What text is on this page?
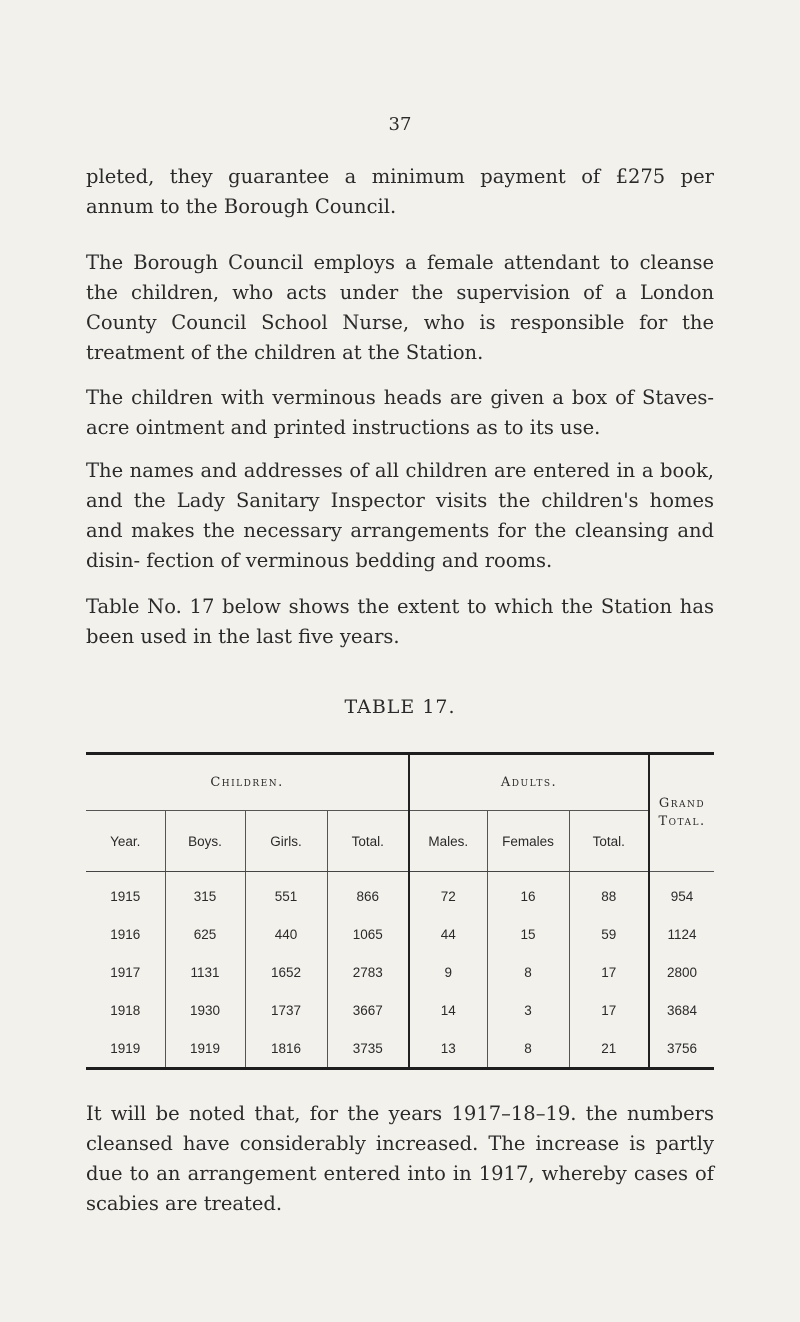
37

pleted, they guarantee a minimum payment of £275 per annum to the Borough Council.

The Borough Council employs a female attendant to cleanse the children, who acts under the supervision of a London County Council School Nurse, who is responsible for the treatment of the children at the Station.

The children with verminous heads are given a box of Staves- acre ointment and printed instructions as to its use.

The names and addresses of all children are entered in a book, and the Lady Sanitary Inspector visits the children's homes and makes the necessary arrangements for the cleansing and disin- fection of verminous bedding and rooms.

Table No. 17 below shows the extent to which the Station has been used in the last five years.

TABLE 17.
Children.				Adults.			Grand Total.
Year.	Boys.	Girls.	Total.	Males.	Females	Total.	
1915	315	551	866	72	16	88	954
1916	625	440	1065	44	15	59	1124
1917	1131	1652	2783	9	8	17	2800
1918	1930	1737	3667	14	3	17	3684
1919	1919	1816	3735	13	8	21	3756

It will be noted that, for the years 1917–18–19. the numbers cleansed have considerably increased. The increase is partly due to an arrangement entered into in 1917, whereby cases of scabies are treated.
